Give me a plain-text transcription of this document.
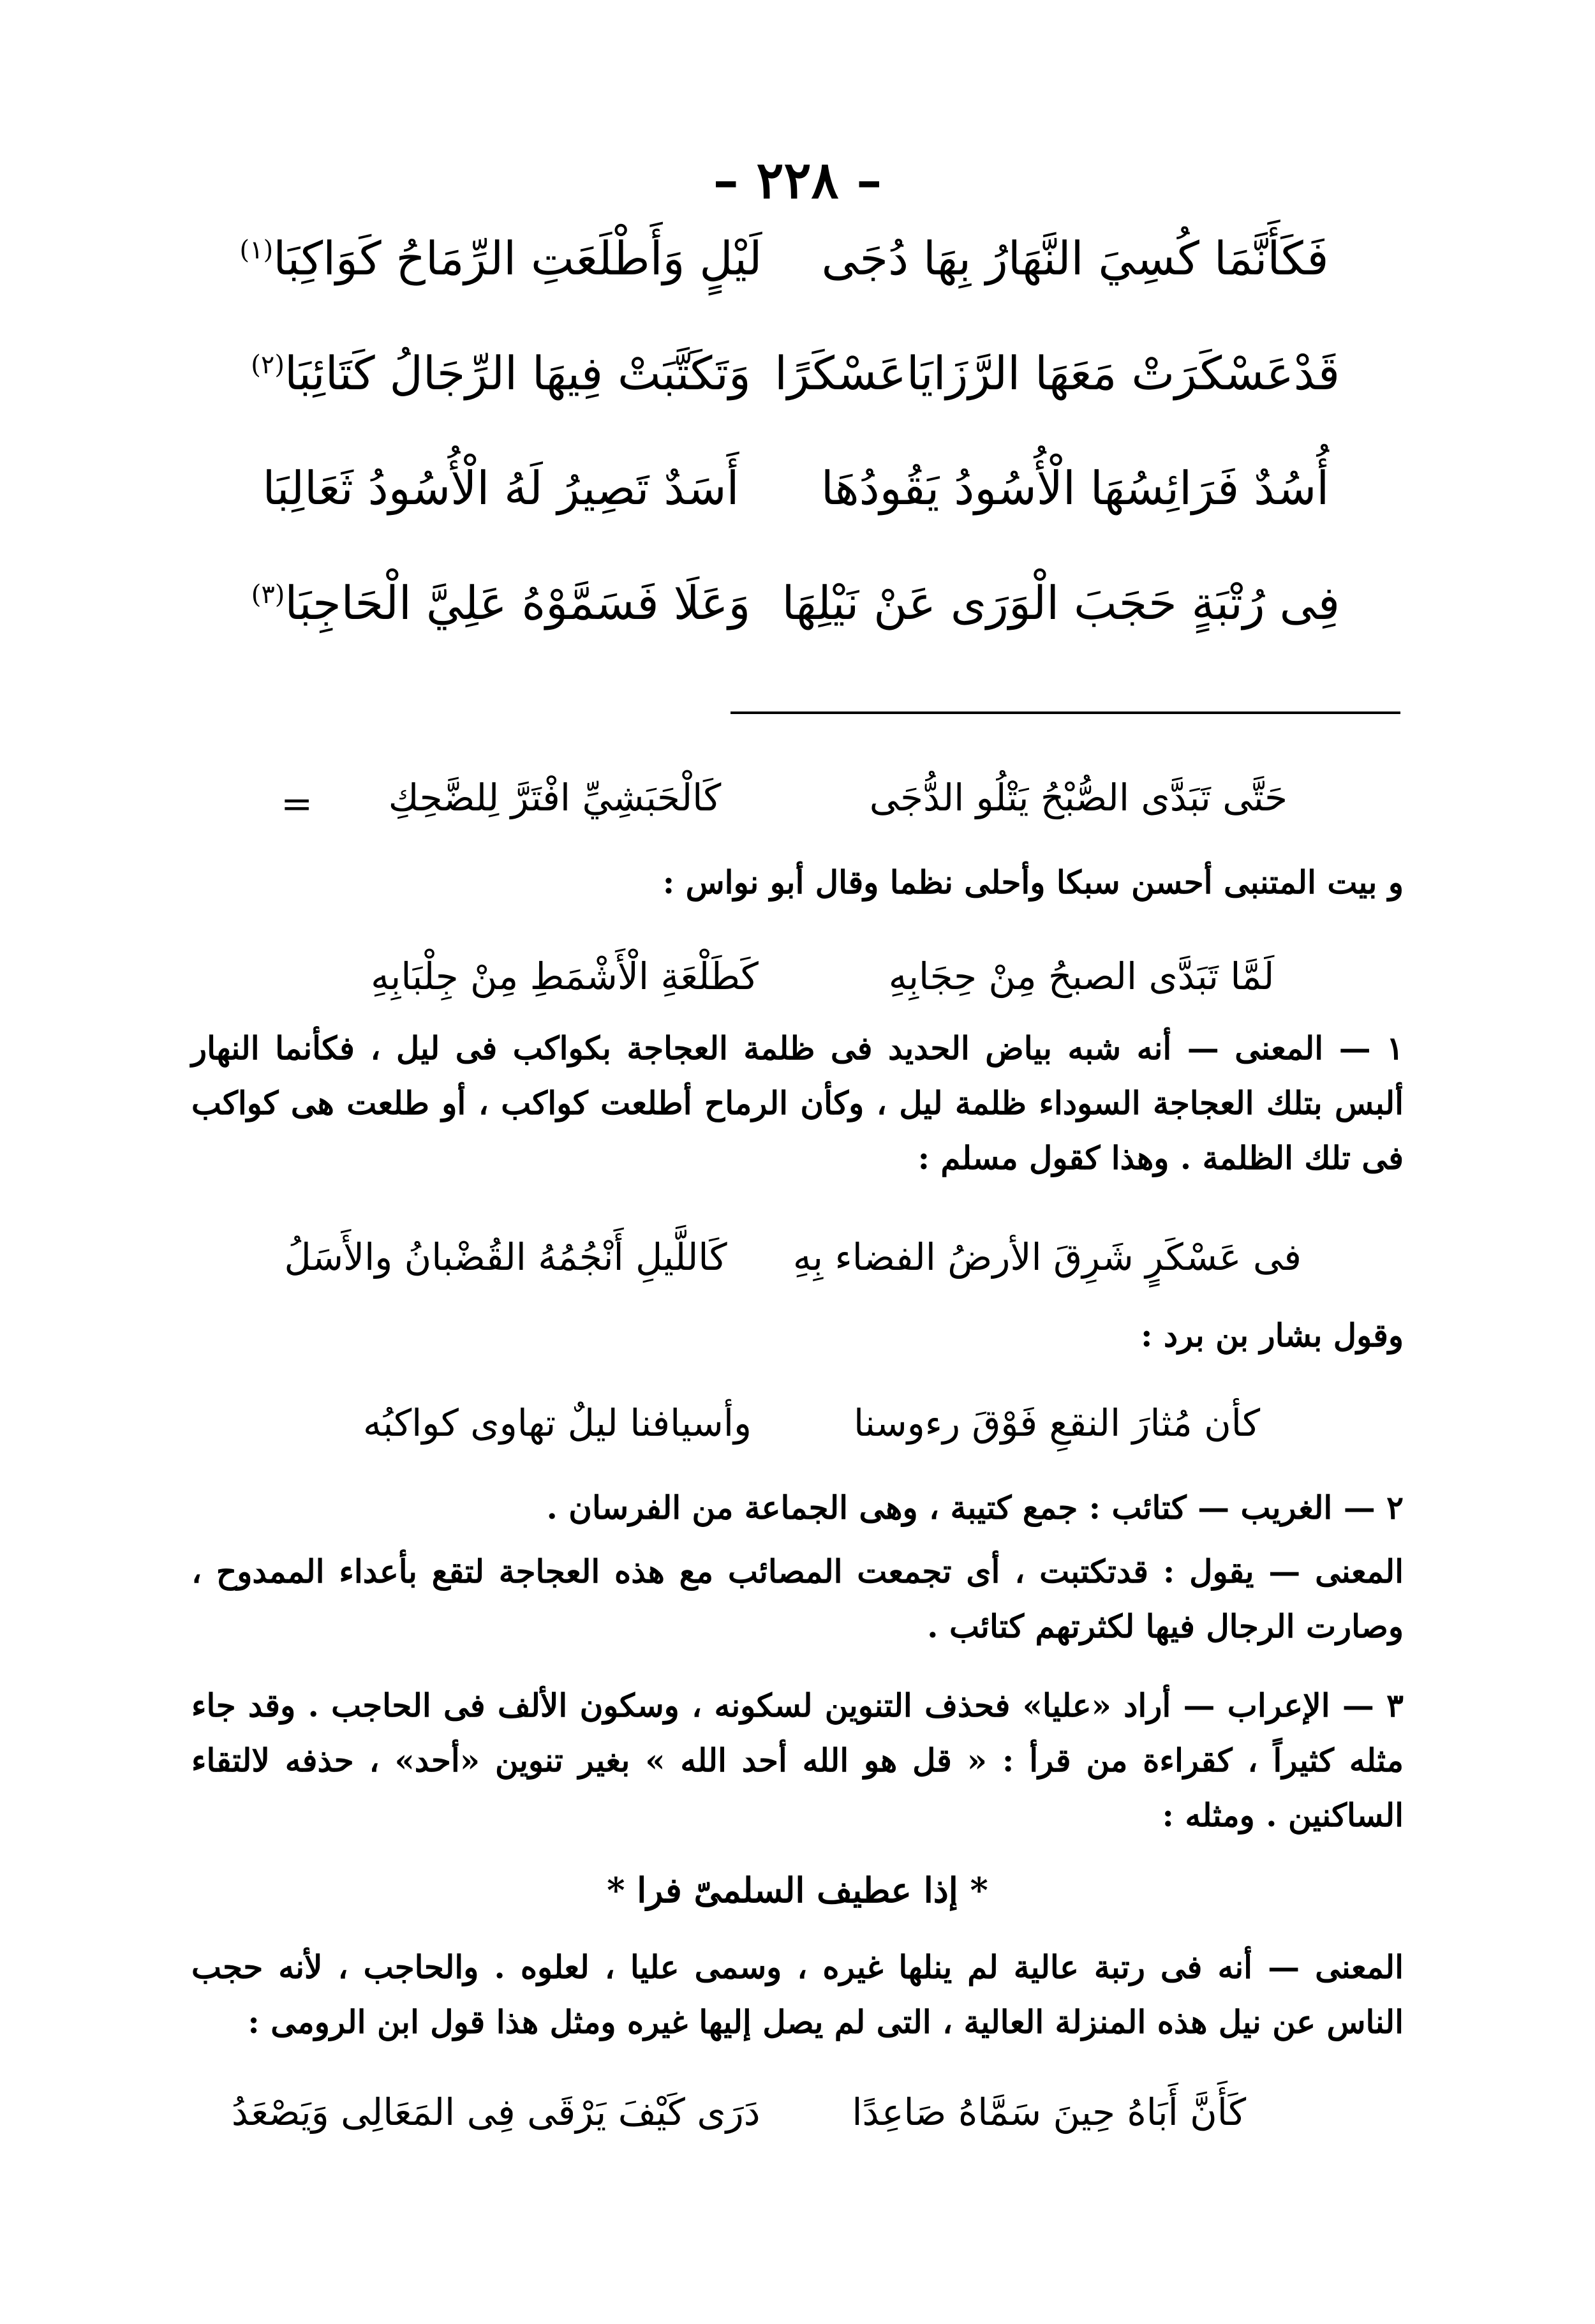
– ٢٢٨ –
فَكَأَنَّمَا كُسِيَ النَّهَارُ بِهَا دُجَى
لَيْلٍ وَأَطْلَعَتِ الرِّمَاحُ كَوَاكِبَا$^{(١)}$
قَدْعَسْكَرَتْ مَعَهَا الرَّزَايَاعَسْكَرًا
وَتَكَتَّبَتْ فِيهَا الرِّجَالُ كَتَائِبَا$^{(٢)}$
أُسُدٌ فَرَائِسُهَا الْأُسُودُ يَقُودُهَا
أَسَدٌ تَصِيرُ لَهُ الْأُسُودُ ثَعَالِبَا
فِى رُتْبَةٍ حَجَبَ الْوَرَى عَنْ نَيْلِهَا
وَعَلَا فَسَمَّوْهُ عَلِيَّ الْحَاجِبَا$^{(٣)}$
=	حَتَّى تَبَدَّى الصُّبْحُ يَتْلُو الدُّجَى
كَالْحَبَشِيِّ افْتَرَّ لِلضَّحِكِ
و بيت المتنبى أحسن سبكا وأحلى نظما وقال أبو نواس :
لَمَّا تَبَدَّى الصبحُ مِنْ حِجَابِهِ
كَطَلْعَةِ الْأَشْمَطِ مِنْ جِلْبَابِهِ
١ — المعنى — أنه شبه بياض الحديد فى ظلمة العجاجة بكواكب فى ليل ، فكأنما النهار ألبس بتلك العجاجة السوداء ظلمة ليل ، وكأن الرماح أطلعت كواكب ، أو طلعت هى كواكب فى تلك الظلمة . وهذا كقول مسلم :
فى عَسْكَرٍ شَرِقَ الأرضُ الفضاء بِهِ
كَاللَّيلِ أَنْجُمُهُ القُضْبانُ والأَسَلُ
وقول بشار بن برد :
كأن مُثارَ النقعِ فَوْقَ رءوسنا
وأسيافنا ليلٌ تهاوى كواكبُه
٢ — الغريب — كتائب : جمع كتيبة ، وهى الجماعة من الفرسان .
المعنى — يقول : قدتكتبت ، أى تجمعت المصائب مع هذه العجاجة لتقع بأعداء الممدوح ، وصارت الرجال فيها لكثرتهم كتائب .
٣ — الإعراب — أراد «عليا» فحذف التنوين لسكونه ، وسكون الألف فى الحاجب . وقد جاء مثله كثيراً ، كقراءة من قرأ : « قل هو الله أحد الله » بغير تنوين «أحد» ، حذفه لالتقاء الساكنين . ومثله :
* إذا عطيف السلمىّ فرا *
المعنى — أنه فى رتبة عالية لم ينلها غيره ، وسمى عليا ، لعلوه . والحاجب ، لأنه حجب الناس عن نيل هذه المنزلة العالية ، التى لم يصل إليها غيره ومثل هذا قول ابن الرومى :
كَأَنَّ أَبَاهُ حِينَ سَمَّاهُ صَاعِدًا
دَرَى كَيْفَ يَرْقَى فِى المَعَالِى وَيَصْعَدُ
